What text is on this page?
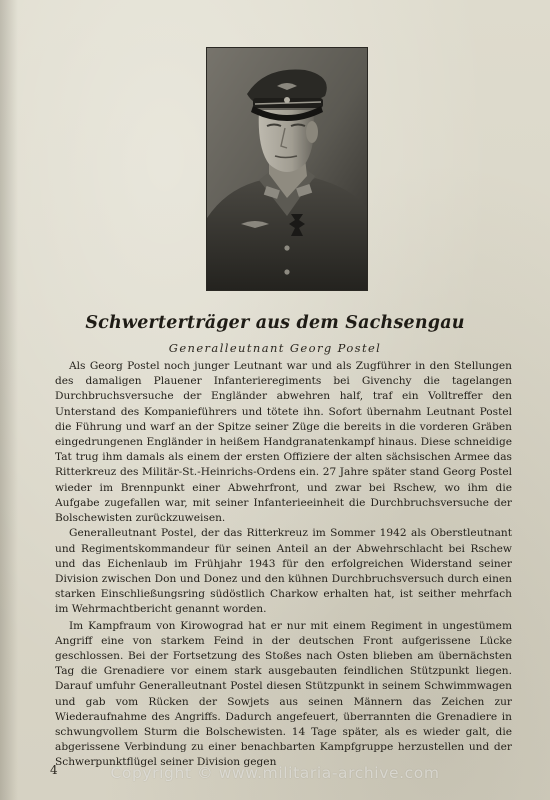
Schwerterträger aus dem Sachsengau
Generalleutnant Georg Postel

Als Georg Postel noch junger Leutnant war und als Zugführer in den Stellungen des damaligen Plauener Infanterieregiments bei Givenchy die tagelangen Durchbruchsversuche der Engländer abwehren half, traf ein Volltreffer den Unterstand des Kompanieführers und tötete ihn. Sofort übernahm Leutnant Postel die Führung und warf an der Spitze seiner Züge die bereits in die vorderen Gräben eingedrungenen Engländer in heißem Handgranatenkampf hinaus. Diese schneidige Tat trug ihm damals als einem der ersten Offiziere der alten sächsischen Armee das Ritterkreuz des Militär-St.-Heinrichs-Ordens ein. 27 Jahre später stand Georg Postel wieder im Brennpunkt einer Abwehrfront, und zwar bei Rschew, wo ihm die Aufgabe zugefallen war, mit seiner Infanterieeinheit die Durchbruchsversuche der Bolschewisten zurückzuweisen.

Generalleutnant Postel, der das Ritterkreuz im Sommer 1942 als Oberstleutnant und Regimentskommandeur für seinen Anteil an der Abwehrschlacht bei Rschew und das Eichenlaub im Frühjahr 1943 für den erfolgreichen Widerstand seiner Division zwischen Don und Donez und den kühnen Durchbruchsversuch durch einen starken Einschließungsring südöstlich Charkow erhalten hat, ist seither mehrfach im Wehrmachtbericht genannt worden.

Im Kampfraum von Kirowograd hat er nur mit einem Regiment in ungestümem Angriff eine von starkem Feind in der deutschen Front aufgerissene Lücke geschlossen. Bei der Fortsetzung des Stoßes nach Osten blieben am übernächsten Tag die Grenadiere vor einem stark ausgebauten feindlichen Stützpunkt liegen. Darauf umfuhr Generalleutnant Postel diesen Stützpunkt in seinem Schwimmwagen und gab vom Rücken der Sowjets aus seinen Männern das Zeichen zur Wiederaufnahme des Angriffs. Dadurch angefeuert, überrannten die Grenadiere in schwungvollem Sturm die Bolschewisten. 14 Tage später, als es wieder galt, die abgerissene Verbindung zu einer benachbarten Kampfgruppe herzustellen und der Schwerpunktflügel seiner Division gegen

4	Copyright © www.militaria-archive.com
